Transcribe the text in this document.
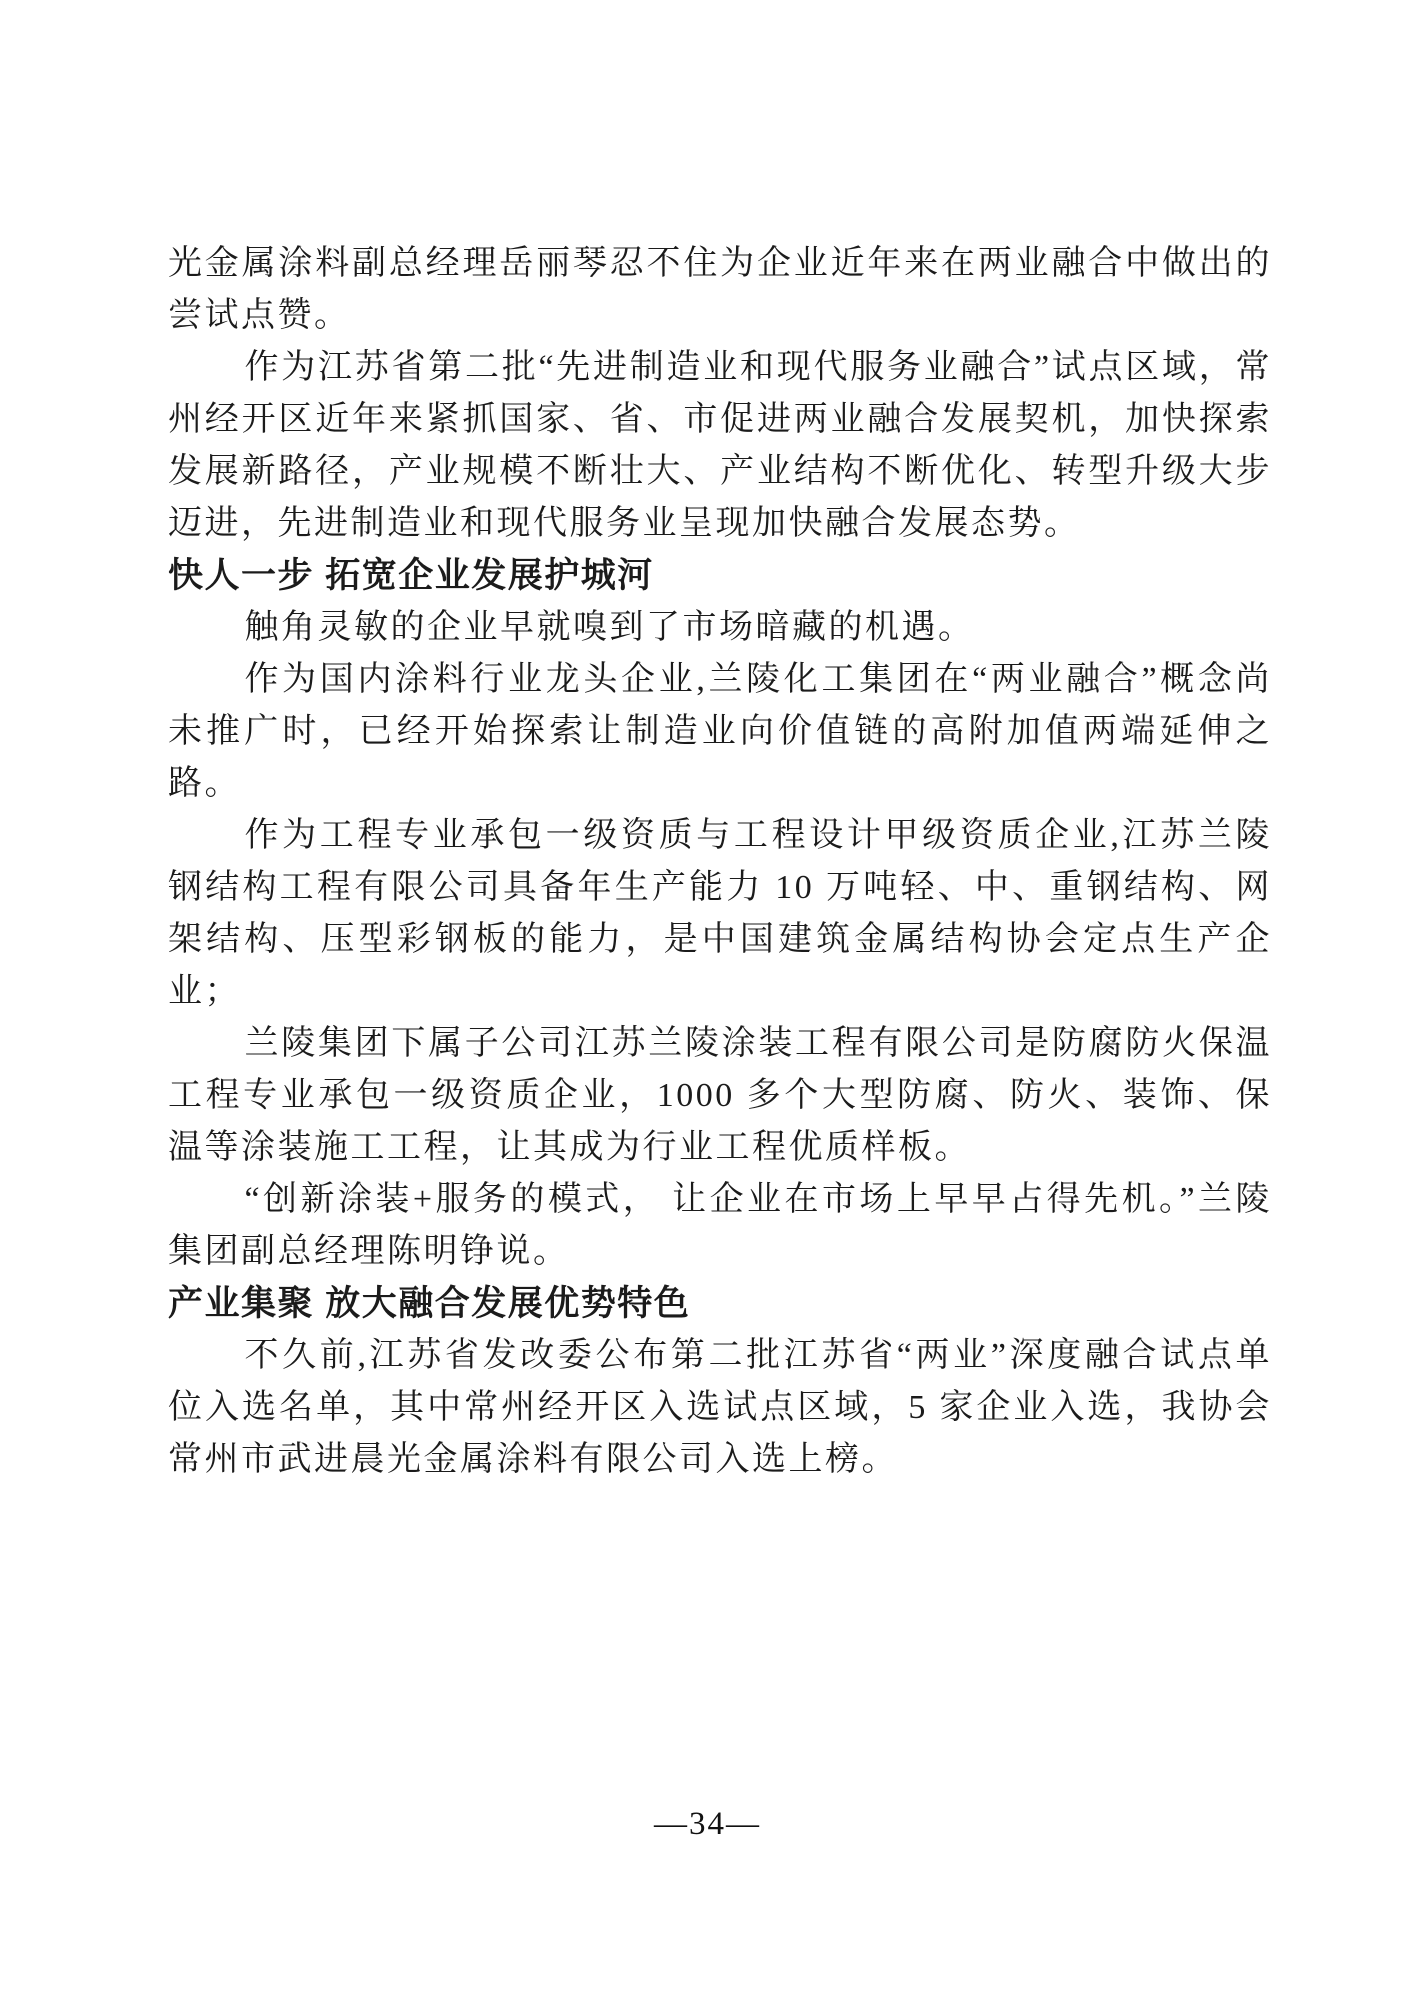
光金属涂料副总经理岳丽琴忍不住为企业近年来在两业融合中做出的尝试点赞。

作为江苏省第二批“先进制造业和现代服务业融合”试点区域，常州经开区近年来紧抓国家、省、市促进两业融合发展契机，加快探索发展新路径，产业规模不断壮大、产业结构不断优化、转型升级大步迈进，先进制造业和现代服务业呈现加快融合发展态势。

快人一步 拓宽企业发展护城河

触角灵敏的企业早就嗅到了市场暗藏的机遇。

作为国内涂料行业龙头企业,兰陵化工集团在“两业融合”概念尚未推广时，已经开始探索让制造业向价值链的高附加值两端延伸之路。

作为工程专业承包一级资质与工程设计甲级资质企业,江苏兰陵钢结构工程有限公司具备年生产能力 10 万吨轻、中、重钢结构、网架结构、压型彩钢板的能力，是中国建筑金属结构协会定点生产企业；

兰陵集团下属子公司江苏兰陵涂装工程有限公司是防腐防火保温工程专业承包一级资质企业，1000 多个大型防腐、防火、装饰、保温等涂装施工工程，让其成为行业工程优质样板。

“创新涂装+服务的模式， 让企业在市场上早早占得先机。”兰陵集团副总经理陈明铮说。

产业集聚 放大融合发展优势特色

不久前,江苏省发改委公布第二批江苏省“两业”深度融合试点单位入选名单，其中常州经开区入选试点区域，5 家企业入选，我协会常州市武进晨光金属涂料有限公司入选上榜。

—34—
